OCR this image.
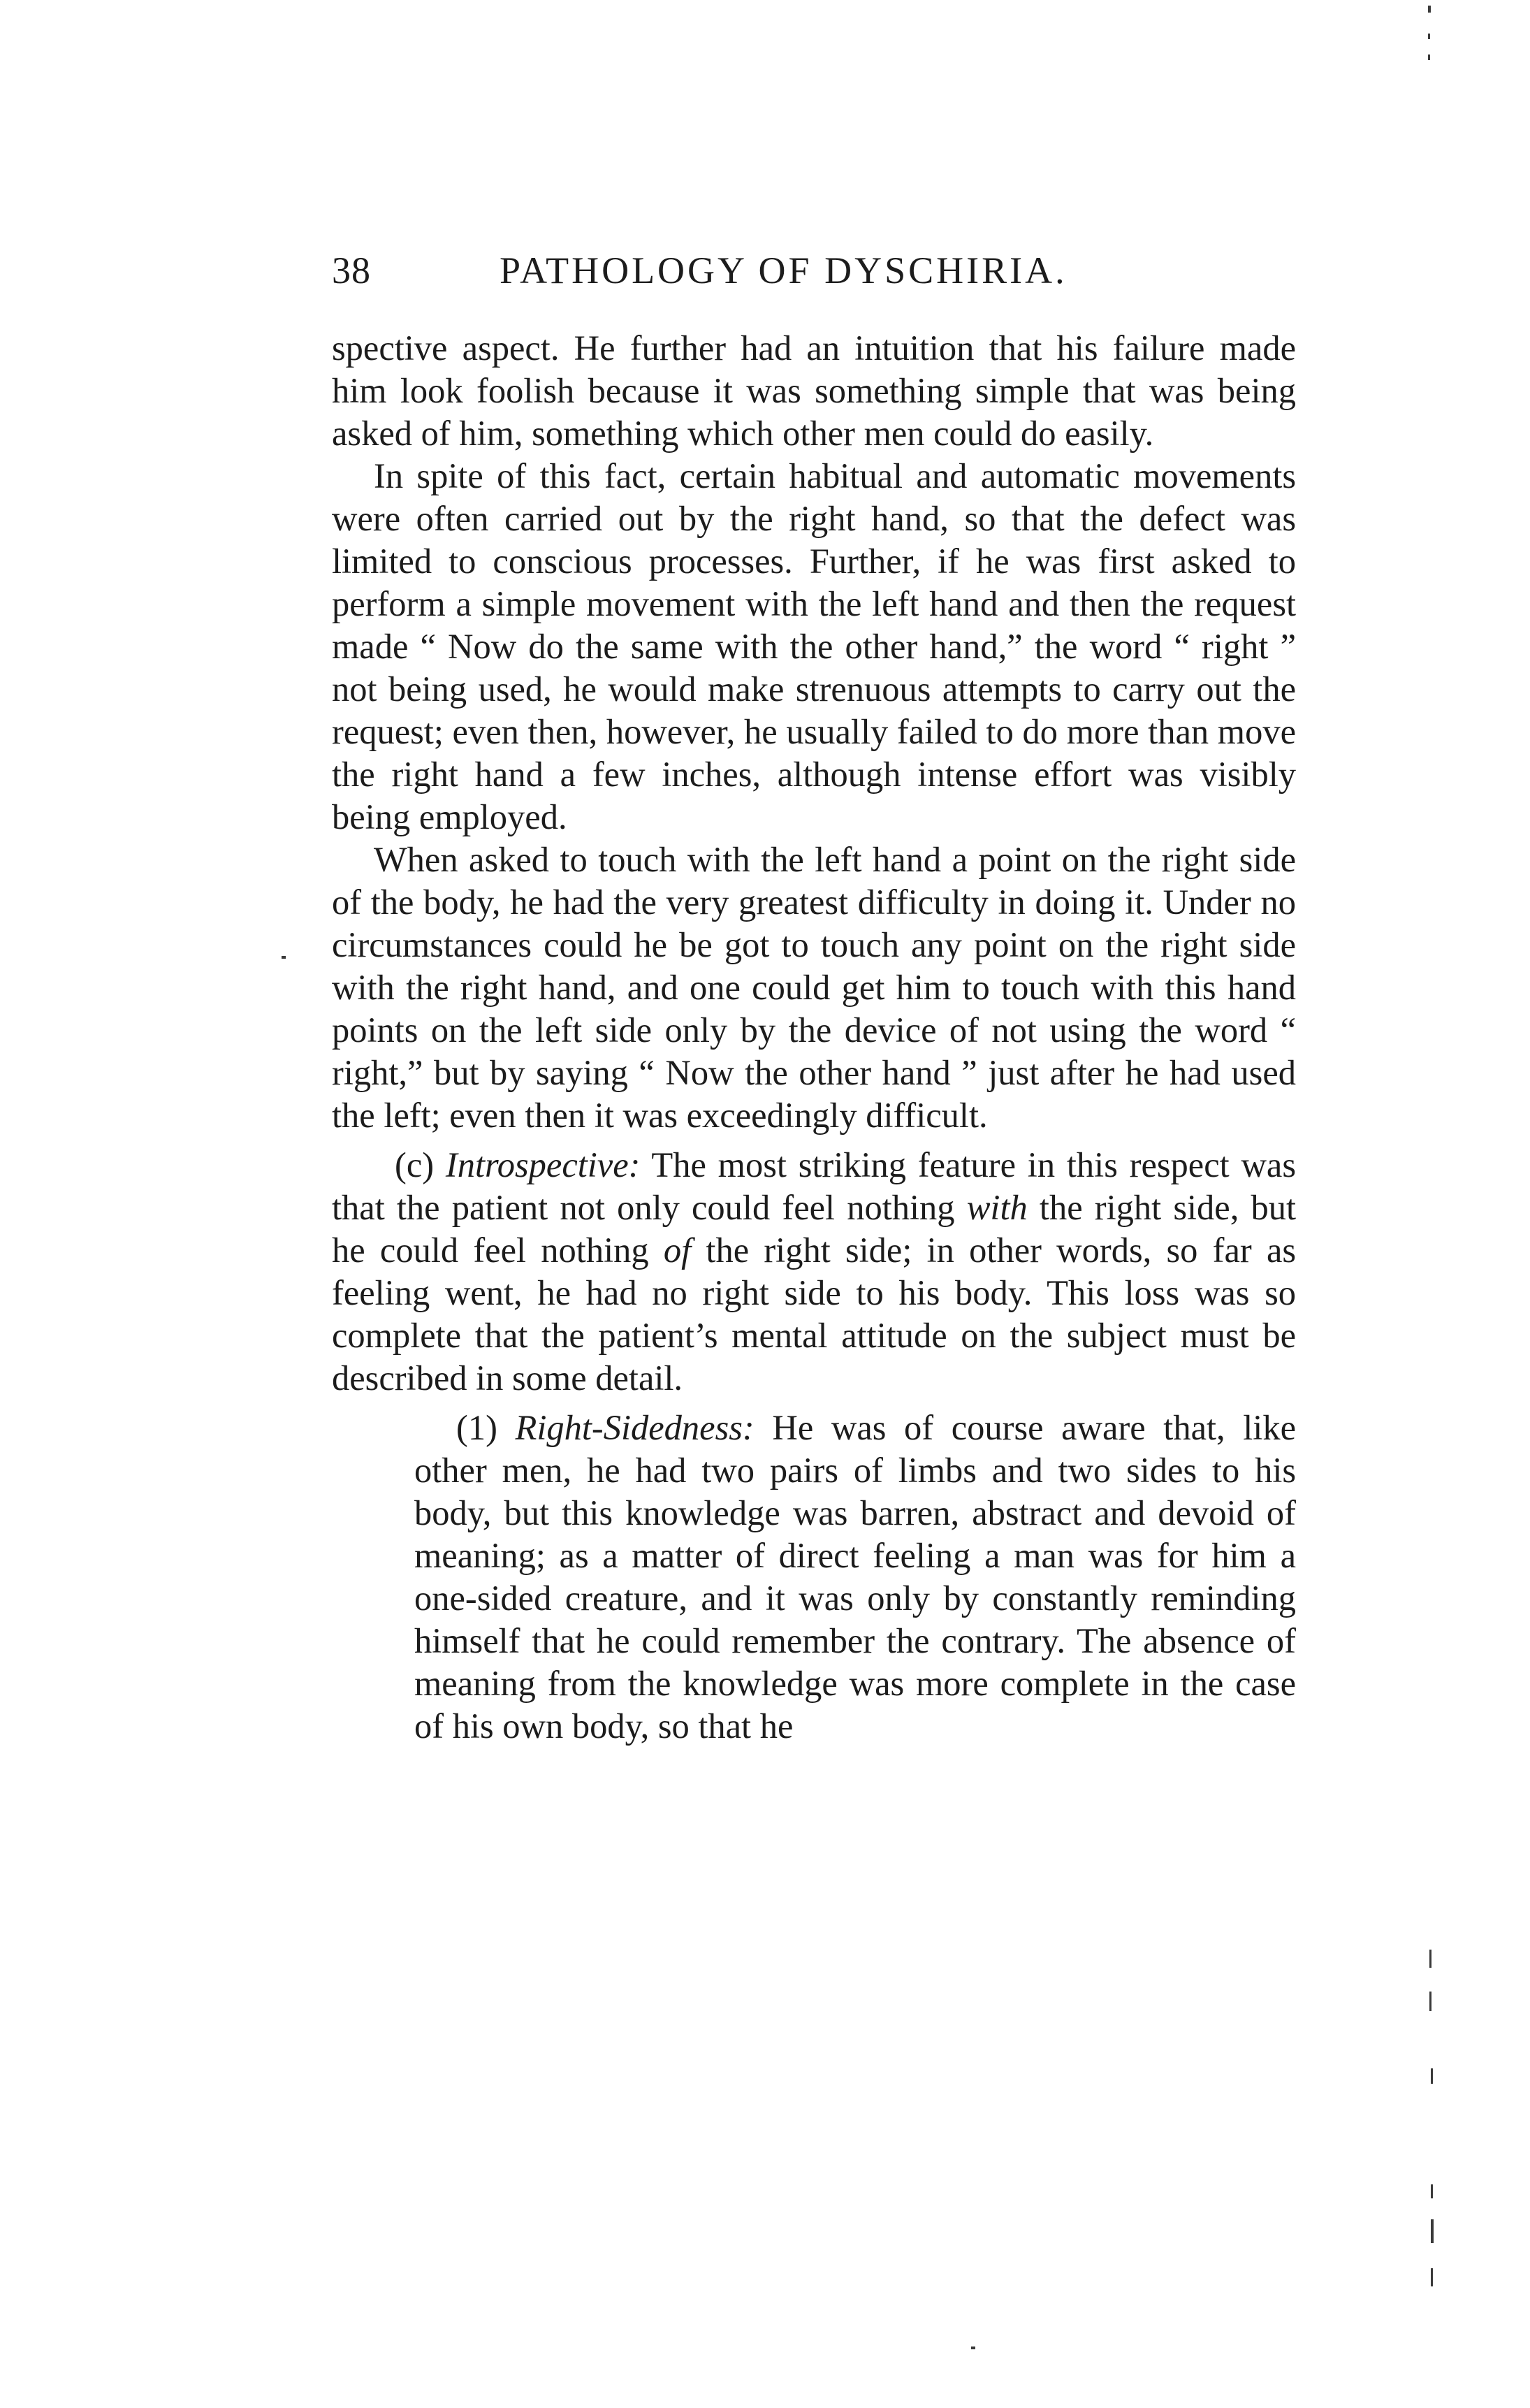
38	PATHOLOGY OF DYSCHIRIA.

spective aspect. He further had an intuition that his failure made him look foolish because it was something simple that was being asked of him, something which other men could do easily.

In spite of this fact, certain habitual and automatic movements were often carried out by the right hand, so that the defect was limited to conscious processes. Further, if he was first asked to perform a simple movement with the left hand and then the request made “ Now do the same with the other hand,” the word “ right ” not being used, he would make strenuous attempts to carry out the request; even then, however, he usually failed to do more than move the right hand a few inches, although intense effort was visibly being employed.

When asked to touch with the left hand a point on the right side of the body, he had the very greatest difficulty in doing it. Under no circumstances could he be got to touch any point on the right side with the right hand, and one could get him to touch with this hand points on the left side only by the device of not using the word “ right,” but by saying “ Now the other hand ” just after he had used the left; even then it was exceedingly difficult.

(c) Introspective: The most striking feature in this respect was that the patient not only could feel nothing with the right side, but he could feel nothing of the right side; in other words, so far as feeling went, he had no right side to his body. This loss was so complete that the patient’s mental attitude on the subject must be described in some detail.

(1) Right-Sidedness: He was of course aware that, like other men, he had two pairs of limbs and two sides to his body, but this knowledge was barren, abstract and devoid of meaning; as a matter of direct feeling a man was for him a one-sided creature, and it was only by constantly reminding himself that he could remember the contrary. The absence of meaning from the knowledge was more complete in the case of his own body, so that he
